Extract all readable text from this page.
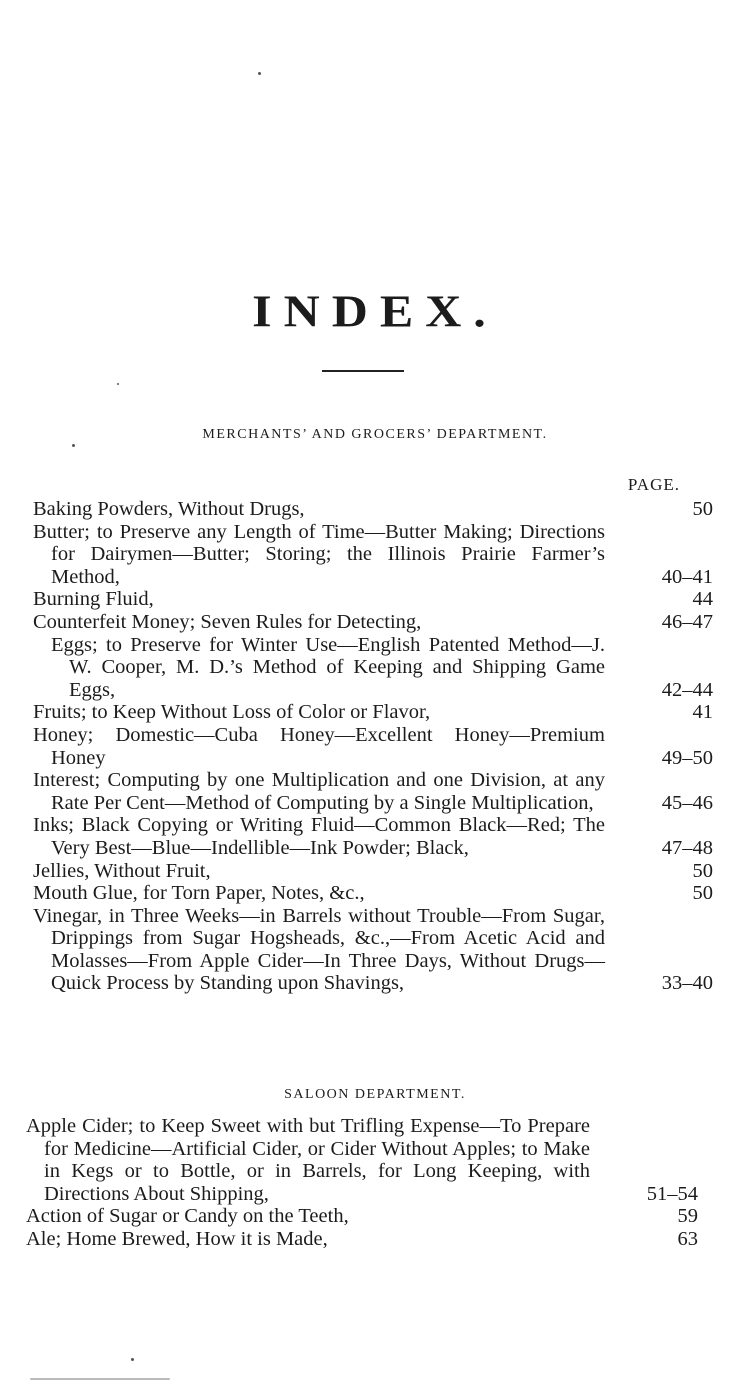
INDEX.
MERCHANTS’ AND GROCERS’ DEPARTMENT.
PAGE.
Baking Powders, Without Drugs,	50
Butter; to Preserve any Length of Time—Butter Making; Directions for Dairymen—Butter; Storing; the Illinois Prairie Farmer’s Method,	40–41
Burning Fluid,	44
Counterfeit Money; Seven Rules for Detecting,	46–47
Eggs; to Preserve for Winter Use—English Patented Method—J. W. Cooper, M. D.’s Method of Keeping and Shipping Game Eggs,	42–44
Fruits; to Keep Without Loss of Color or Flavor,	41
Honey; Domestic—Cuba Honey—Excellent Honey—Premium Honey	49–50
Interest; Computing by one Multiplication and one Division, at any Rate Per Cent—Method of Computing by a Single Multiplication,	45–46
Inks; Black Copying or Writing Fluid—Common Black—Red; The Very Best—Blue—Indellible—Ink Powder; Black,	47–48
Jellies, Without Fruit,	50
Mouth Glue, for Torn Paper, Notes, &c.,	50
Vinegar, in Three Weeks—in Barrels without Trouble—From Sugar, Drippings from Sugar Hogsheads, &c.,—From Acetic Acid and Molasses—From Apple Cider—In Three Days, Without Drugs—Quick Process by Standing upon Shavings,	33–40
SALOON DEPARTMENT.
Apple Cider; to Keep Sweet with but Trifling Expense—To Prepare for Medicine—Artificial Cider, or Cider Without Apples; to Make in Kegs or to Bottle, or in Barrels, for Long Keeping, with Directions About Shipping,	51–54
Action of Sugar or Candy on the Teeth,	59
Ale; Home Brewed, How it is Made,	63
